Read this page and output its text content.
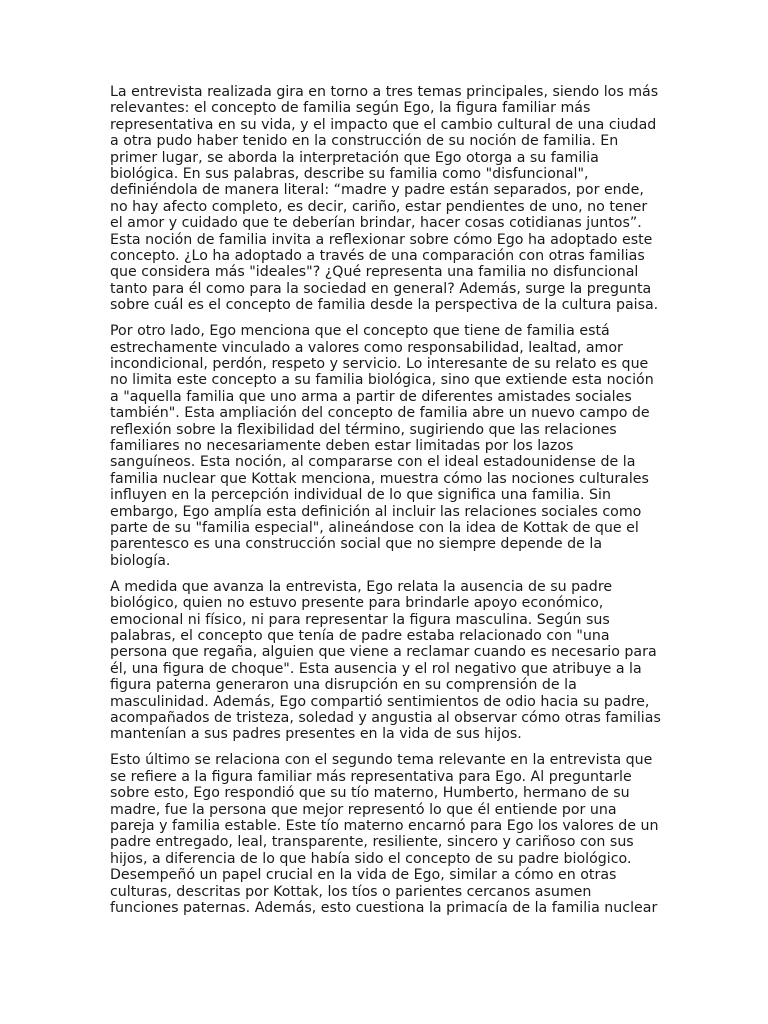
La entrevista realizada gira en torno a tres temas principales, siendo los más relevantes: el concepto de familia según Ego, la figura familiar más representativa en su vida, y el impacto que el cambio cultural de una ciudad a otra pudo haber tenido en la construcción de su noción de familia. En primer lugar, se aborda la interpretación que Ego otorga a su familia biológica. En sus palabras, describe su familia como "disfuncional", definiéndola de manera literal: “madre y padre están separados, por ende, no hay afecto completo, es decir, cariño, estar pendientes de uno, no tener el amor y cuidado que te deberían brindar, hacer cosas cotidianas juntos”. Esta noción de familia invita a reflexionar sobre cómo Ego ha adoptado este concepto. ¿Lo ha adoptado a través de una comparación con otras familias que considera más "ideales"? ¿Qué representa una familia no disfuncional tanto para él como para la sociedad en general? Además, surge la pregunta sobre cuál es el concepto de familia desde la perspectiva de la cultura paisa.

Por otro lado, Ego menciona que el concepto que tiene de familia está estrechamente vinculado a valores como responsabilidad, lealtad, amor incondicional, perdón, respeto y servicio. Lo interesante de su relato es que no limita este concepto a su familia biológica, sino que extiende esta noción a "aquella familia que uno arma a partir de diferentes amistades sociales también". Esta ampliación del concepto de familia abre un nuevo campo de reflexión sobre la flexibilidad del término, sugiriendo que las relaciones familiares no necesariamente deben estar limitadas por los lazos sanguíneos. Esta noción, al compararse con el ideal estadounidense de la familia nuclear que Kottak menciona, muestra cómo las nociones culturales influyen en la percepción individual de lo que significa una familia. Sin embargo, Ego amplía esta definición al incluir las relaciones sociales como parte de su "familia especial", alineándose con la idea de Kottak de que el parentesco es una construcción social que no siempre depende de la biología.

A medida que avanza la entrevista, Ego relata la ausencia de su padre biológico, quien no estuvo presente para brindarle apoyo económico, emocional ni físico, ni para representar la figura masculina. Según sus palabras, el concepto que tenía de padre estaba relacionado con "una persona que regaña, alguien que viene a reclamar cuando es necesario para él, una figura de choque". Esta ausencia y el rol negativo que atribuye a la figura paterna generaron una disrupción en su comprensión de la masculinidad. Además, Ego compartió sentimientos de odio hacia su padre, acompañados de tristeza, soledad y angustia al observar cómo otras familias mantenían a sus padres presentes en la vida de sus hijos.

Esto último se relaciona con el segundo tema relevante en la entrevista que se refiere a la figura familiar más representativa para Ego. Al preguntarle sobre esto, Ego respondió que su tío materno, Humberto, hermano de su madre, fue la persona que mejor representó lo que él entiende por una pareja y familia estable. Este tío materno encarnó para Ego los valores de un padre entregado, leal, transparente, resiliente, sincero y cariñoso con sus hijos, a diferencia de lo que había sido el concepto de su padre biológico. Desempeñó un papel crucial en la vida de Ego, similar a cómo en otras culturas, descritas por Kottak, los tíos o parientes cercanos asumen funciones paternas. Además, esto cuestiona la primacía de la familia nuclear
